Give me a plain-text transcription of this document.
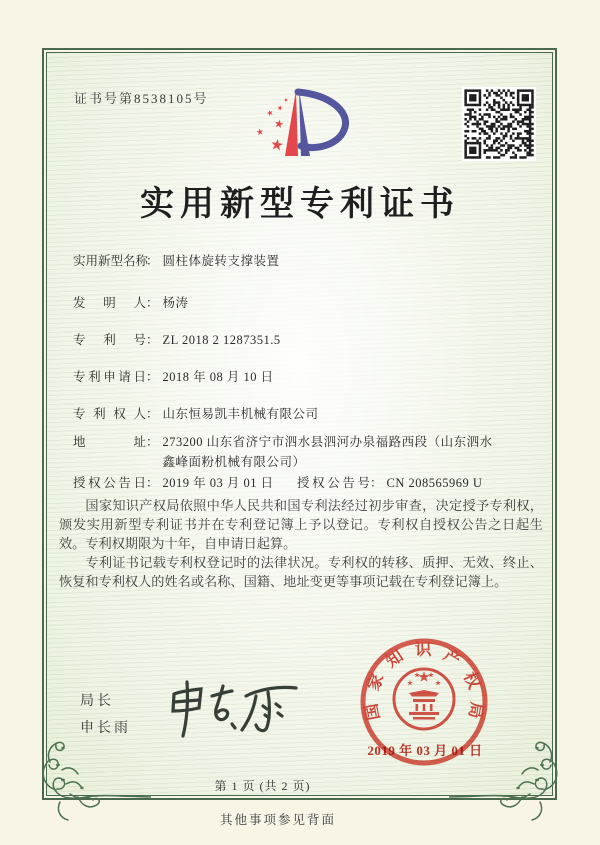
证书号第8538105号
实用新型专利证书
实用新型名称： 圆柱体旋转支撑装置
发明人： 杨涛
专利号： ZL 2018 2 1287351.5
专利申请日： 2018 年 08 月 10 日
专利权人： 山东恒易凯丰机械有限公司
地址： 273200 山东省济宁市泗水县泗河办泉福路西段（山东泗水鑫峰面粉机械有限公司）
授权公告日： 2019 年 03 月 01 日 授权公告号： CN 208565969 U

国家知识产权局依照中华人民共和国专利法经过初步审查，决定授予专利权，颁发实用新型专利证书并在专利登记簿上予以登记。专利权自授权公告之日起生效。专利权期限为十年，自申请日起算。

专利证书记载专利权登记时的法律状况。专利权的转移、质押、无效、终止、恢复和专利权人的姓名或名称、国籍、地址变更等事项记载在专利登记簿上。

局长
申长雨
国家知识产权局
2019 年 03 月 01 日
第 1 页 (共 2 页)
其他事项参见背面
